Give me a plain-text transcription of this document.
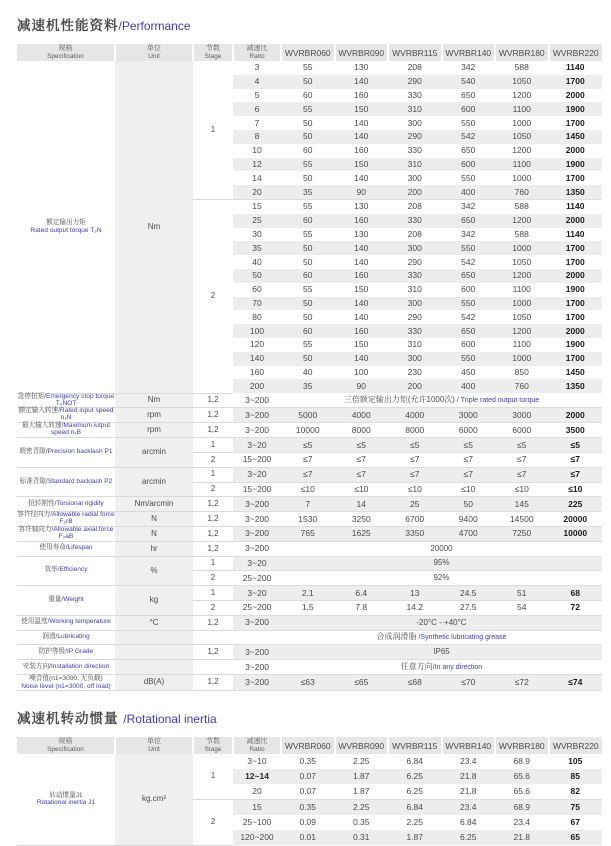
减速机性能资料/Performance
规格
Specification	单位
Unit	节数
Stage	减速比
Ratio	WVRBR060	WVRBR090	WVRBR115	WVRBR140	WVRBR180	WVRBR220

额定输出力矩
Rated output torque T₂N	Nm	1	3	55	130	208	342	588	1140
			4	50	140	290	540	1050	1700
			5	60	160	330	650	1200	2000
			6	55	150	310	600	1100	1900
			7	50	140	300	550	1000	1700
			8	50	140	290	542	1050	1450
			10	60	160	330	650	1200	2000
			12	55	150	310	600	1100	1900
			14	50	140	300	550	1000	1700
			20	35	90	200	400	760	1350
		2	15	55	130	208	342	588	1140
			25	60	160	330	650	1200	2000
			30	55	130	208	342	588	1140
			35	50	140	300	550	1000	1700
			40	50	140	290	542	1050	1700
			50	60	160	330	650	1200	2000
			60	55	150	310	600	1100	1900
			70	50	140	300	550	1000	1700
			80	50	140	290	542	1050	1700
			100	60	160	330	650	1200	2000
			120	55	150	310	600	1100	1900
			140	50	140	300	550	1000	1700
			160	40	100	230	450	850	1450
			200	35	90	200	400	760	1350
急停扭矩/Emergency stop torque T₂NOT	Nm	1,2	3~200	三倍额定输出力矩(允许1000次) / Triple rated output torque					
额定输入转速/Rated input speed n₁N	rpm	1,2	3~200	5000	4000	4000	3000	3000	2000
最大输入转速/Maximum iutput speed n₁B	rpm	1,2	3~200	10000	8000	8000	6000	6000	3500
精密背隙/Precision backlash P1	arcmin	1	3~20	≤5	≤5	≤5	≤5	≤5	≤5
		2	15~200	≤7	≤7	≤7	≤7	≤7	≤7
标准背隙/Standard backlash P2	arcmin	1	3~20	≤7	≤7	≤7	≤7	≤7	≤7
		2	15~200	≤10	≤10	≤10	≤10	≤10	≤10
扭转刚性/Torsional rigidity	Nm/arcmin	1,2	3~200	7	14	25	50	145	225
容许径向力/Allowable radial force F₂rB	N	1,2	3~200	1530	3250	6700	9400	14500	20000
容许轴向力/Allowable axial force F₂aB	N	1,2	3~200	765	1625	3350	4700	7250	10000
使用寿命/Lifespan	hr	1,2	3~200	20000					
效率/Efficiency	%	1	3~20	95%					
		2	25~200	92%					
重量/Weight	kg	1	3~20	2.1	6.4	13	24.5	51	68
		2	25~200	1.5	7.8	14.2	27.5	54	72
使用温度/Working temperature	°C	1,2	3~200	-20°C - +40°C					
润滑/Lubricating				合成润滑脂 /Synthetic lubricating grease					
防护等级/IP Grade		1,2	3~200	IP65					
安装方向/Installation direction			3~200	任意方向/In any direction					

噪音值(n1=3000, 无负载)
Noise level (n1=3000, off load)	dB(A)	1,2	3~200	≤63	≤65	≤68	≤70	≤72	≤74
减速机转动惯量 /Rotational inertia
规格
Specification	单位
Unit	节数
Stage	减速比
Ratio	WVRBR060	WVRBR090	WVRBR115	WVRBR140	WVRBR180	WVRBR220

转动惯量J1
Rotational inertia J1	kg.cm²	1	3~10	0.35	2.25	6.84	23.4	68.9	105
			12~14	0.07	1.87	6.25	21.8	65.6	85
			20	0.07	1.87	6.25	21.8	65.6	82
		2	15	0.35	2.25	6.84	23.4	68.9	75
			25~100	0.09	0.35	2.25	6.84	23.4	67
			120~200	0.01	0.31	1.87	6.25	21.8	65
